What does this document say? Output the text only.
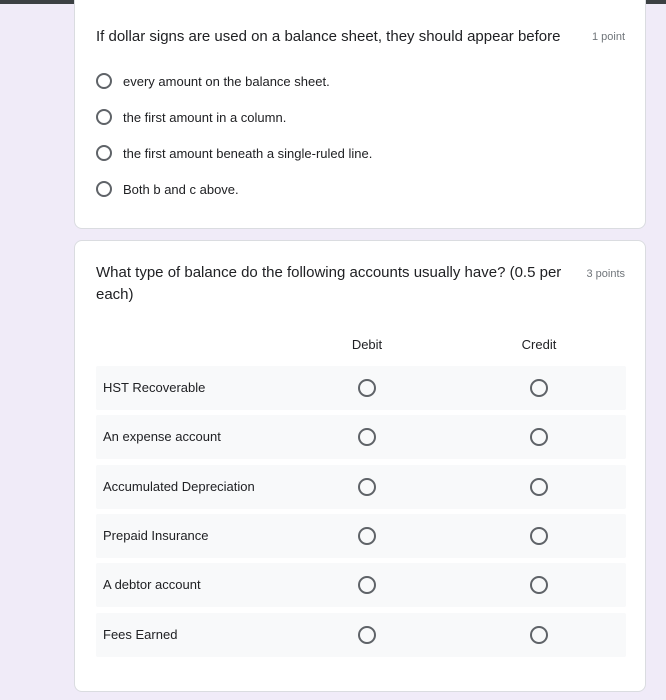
If dollar signs are used on a balance sheet, they should appear before	1 point
every amount on the balance sheet.
the first amount in a column.
the first amount beneath a single-ruled line.
Both b and c above.
What type of balance do the following accounts usually have? (0.5 per
each)
3 points
Debit	Credit
HST Recoverable
An expense account
Accumulated Depreciation
Prepaid Insurance
A debtor account
Fees Earned
